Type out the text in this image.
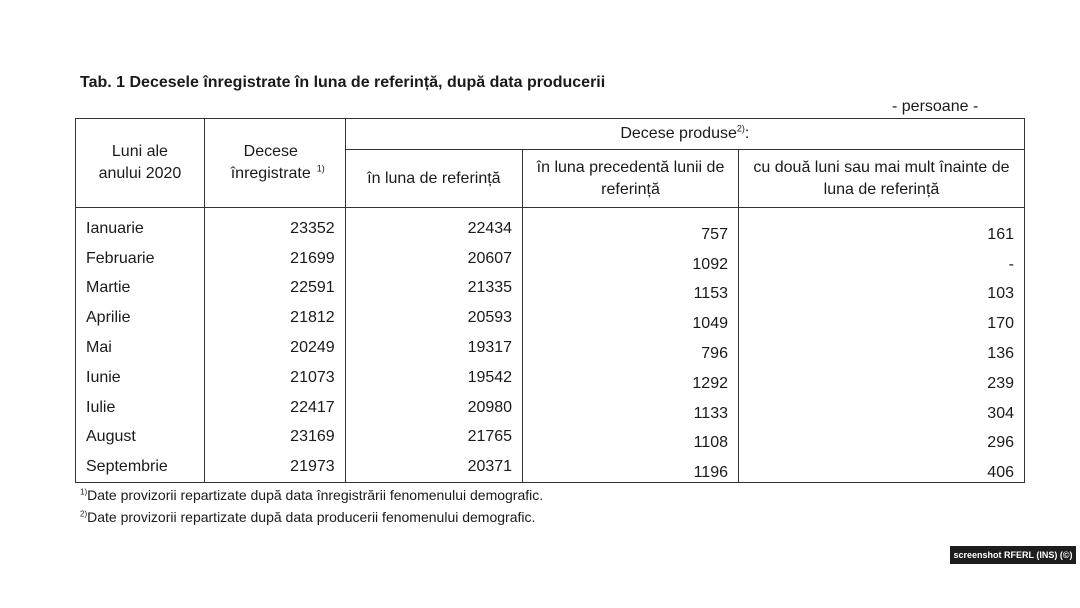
Tab. 1 Decesele înregistrate în luna de referință, după data producerii
- persoane -
Luni ale anului 2020	Decese înregistrate $^{1)}$	Decese produse$^{2)}$:		
		în luna de referință	în luna precedentă lunii de referință	cu două luni sau mai mult înainte de luna de referință
Ianuarie	23352	22434	757	161
Februarie	21699	20607	1092	-
Martie	22591	21335	1153	103
Aprilie	21812	20593	1049	170
Mai	20249	19317	796	136
Iunie	21073	19542	1292	239
Iulie	22417	20980	1133	304
August	23169	21765	1108	296
Septembrie	21973	20371	1196	406
$^{1)}$Date provizorii repartizate după data înregistrării fenomenului demografic.
$^{2)}$Date provizorii repartizate după data producerii fenomenului demografic.
screenshot RFERL (INS) (©)
